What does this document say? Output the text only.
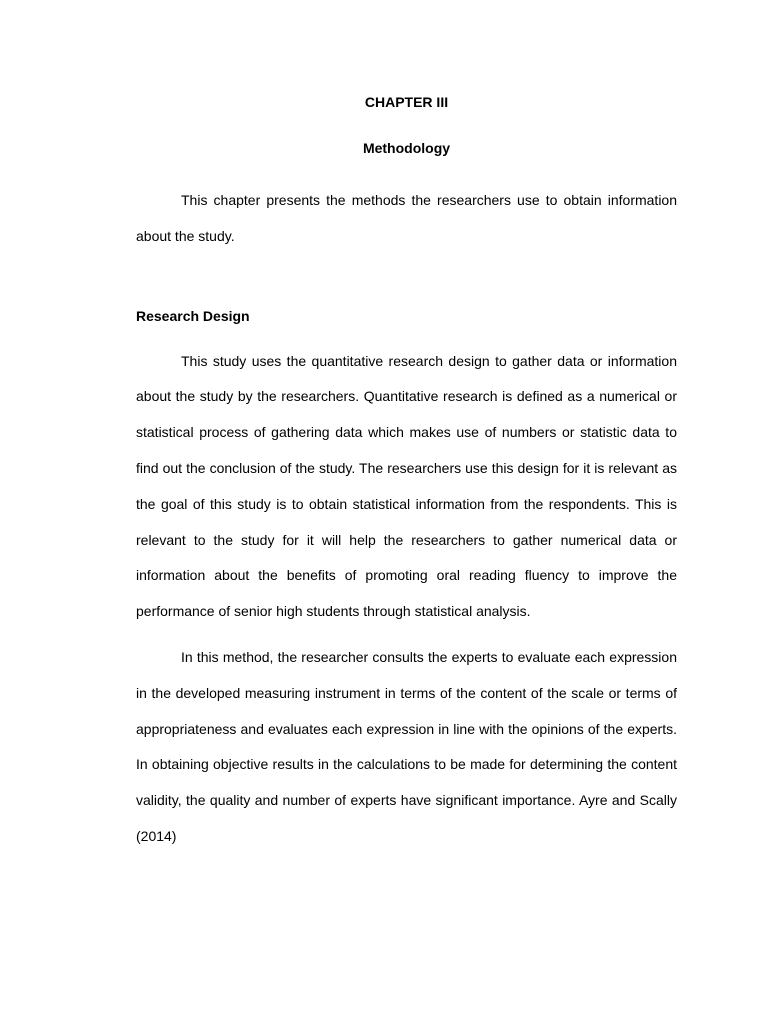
CHAPTER III
Methodology

This chapter presents the methods the researchers use to obtain information about the study.

Research Design

This study uses the quantitative research design to gather data or information about the study by the researchers. Quantitative research is defined as a numerical or statistical process of gathering data which makes use of numbers or statistic data to find out the conclusion of the study. The researchers use this design for it is relevant as the goal of this study is to obtain statistical information from the respondents. This is relevant to the study for it will help the researchers to gather numerical data or information about the benefits of promoting oral reading fluency to improve the performance of senior high students through statistical analysis.

In this method, the researcher consults the experts to evaluate each expression in the developed measuring instrument in terms of the content of the scale or terms of appropriateness and evaluates each expression in line with the opinions of the experts. In obtaining objective results in the calculations to be made for determining the content validity, the quality and number of experts have significant importance. Ayre and Scally (2014)
